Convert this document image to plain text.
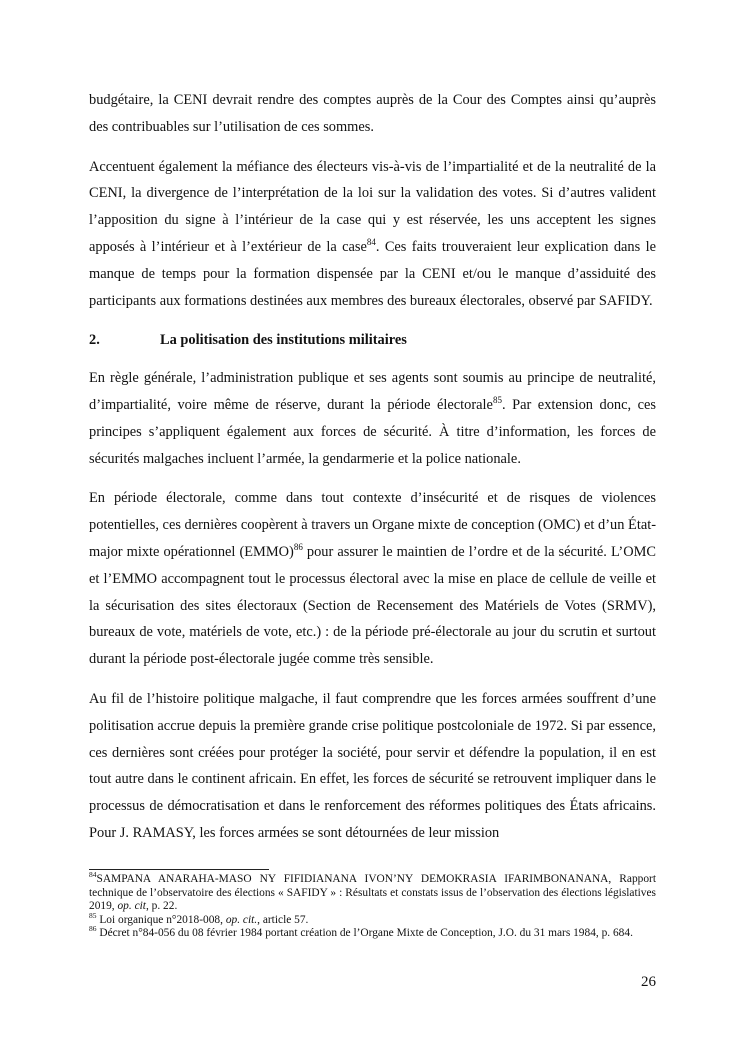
budgétaire, la CENI devrait rendre des comptes auprès de la Cour des Comptes ainsi qu’auprès des contribuables sur l’utilisation de ces sommes.

Accentuent également la méfiance des électeurs vis-à-vis de l’impartialité et de la neutralité de la CENI, la divergence de l’interprétation de la loi sur la validation des votes. Si d’autres valident l’apposition du signe à l’intérieur de la case qui y est réservée, les uns acceptent les signes apposés à l’intérieur et à l’extérieur de la case$^{84}$. Ces faits trouveraient leur explication dans le manque de temps pour la formation dispensée par la CENI et/ou le manque d’assiduité des participants aux formations destinées aux membres des bureaux électorales, observé par SAFIDY.

2.	La politisation des institutions militaires

En règle générale, l’administration publique et ses agents sont soumis au principe de neutralité, d’impartialité, voire même de réserve, durant la période électorale$^{85}$. Par extension donc, ces principes s’appliquent également aux forces de sécurité. À titre d’information, les forces de sécurités malgaches incluent l’armée, la gendarmerie et la police nationale.

En période électorale, comme dans tout contexte d’insécurité et de risques de violences potentielles, ces dernières coopèrent à travers un Organe mixte de conception (OMC) et d’un État-major mixte opérationnel (EMMO)$^{86}$ pour assurer le maintien de l’ordre et de la sécurité. L’OMC et l’EMMO accompagnent tout le processus électoral avec la mise en place de cellule de veille et la sécurisation des sites électoraux (Section de Recensement des Matériels de Votes (SRMV), bureaux de vote, matériels de vote, etc.) : de la période pré-électorale au jour du scrutin et surtout durant la période post-électorale jugée comme très sensible.

Au fil de l’histoire politique malgache, il faut comprendre que les forces armées souffrent d’une politisation accrue depuis la première grande crise politique postcoloniale de 1972. Si par essence, ces dernières sont créées pour protéger la société, pour servir et défendre la population, il en est tout autre dans le continent africain. En effet, les forces de sécurité se retrouvent impliquer dans le processus de démocratisation et dans le renforcement des réformes politiques des États africains. Pour J. RAMASY, les forces armées se sont détournées de leur mission

$^{84}$SAMPANA ANARAHA-MASO NY FIFIDIANANA IVON’NY DEMOKRASIA IFARIMBONANANA, Rapport technique de l’observatoire des élections « SAFIDY » : Résultats et constats issus de l’observation des élections législatives 2019, op. cit, p. 22.

$^{85}$ Loi organique n°2018-008, op. cit., article 57.

$^{86}$ Décret n°84-056 du 08 février 1984 portant création de l’Organe Mixte de Conception, J.O. du 31 mars 1984, p. 684.

26
